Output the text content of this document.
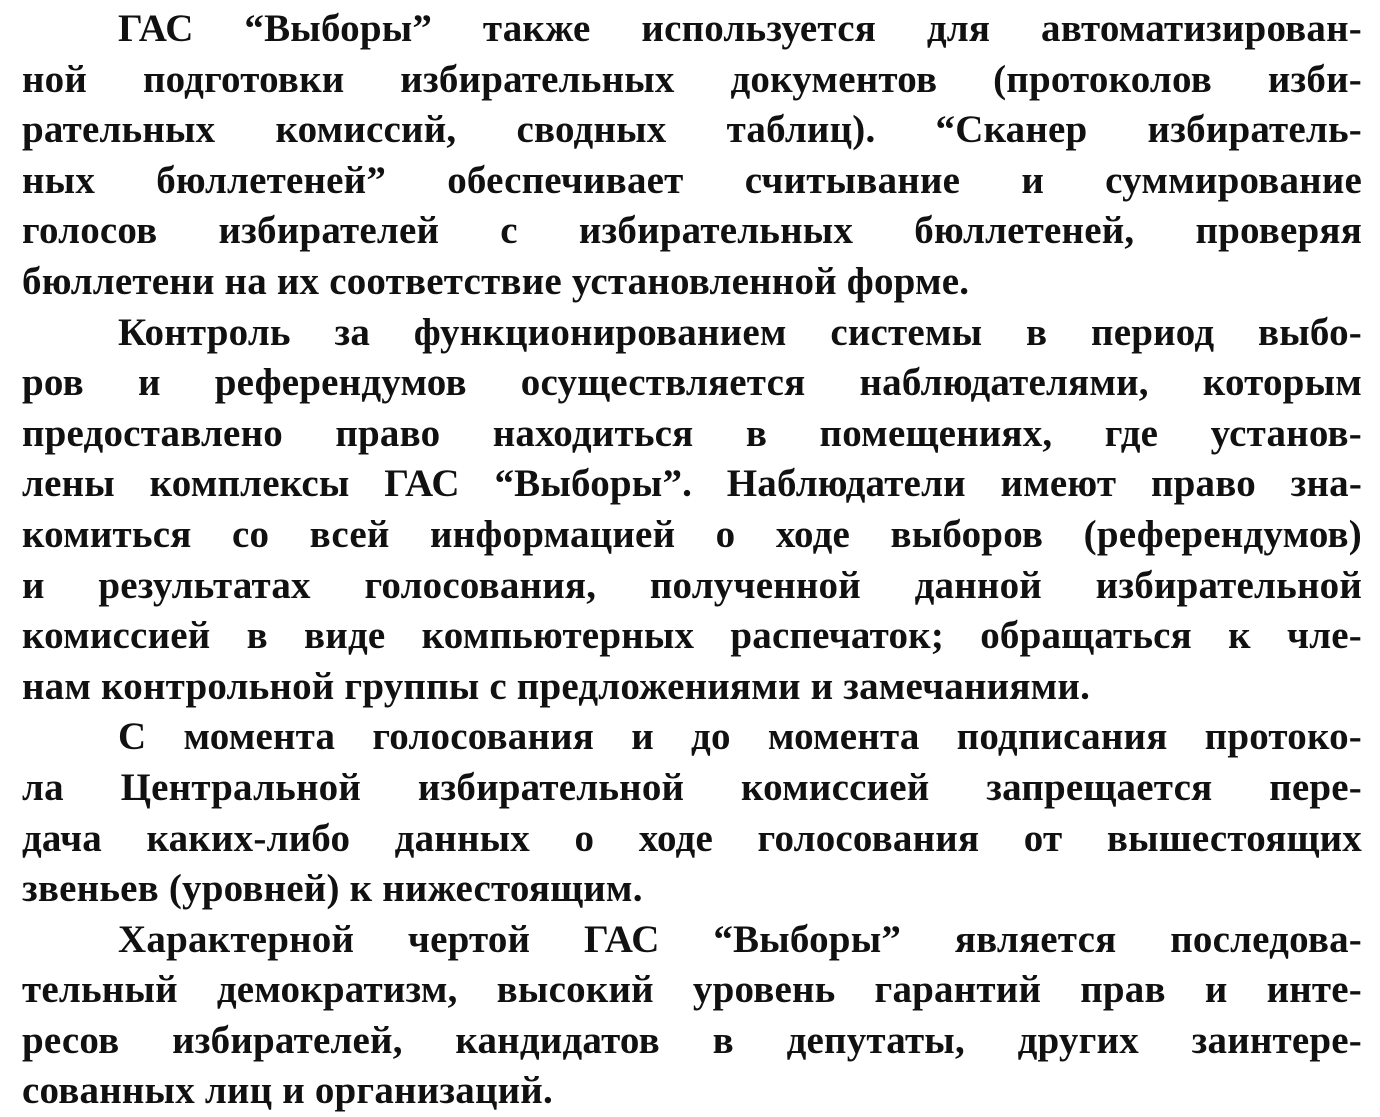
ГАС “Выборы” также используется для автоматизирован-
ной подготовки избирательных документов (протоколов изби-
рательных комиссий, сводных таблиц). “Сканер избиратель-
ных бюллетеней” обеспечивает считывание и суммирование
голосов избирателей с избирательных бюллетеней, проверяя
бюллетени на их соответствие установленной форме.
Контроль за функционированием системы в период выбо-
ров и референдумов осуществляется наблюдателями, которым
предоставлено право находиться в помещениях, где установ-
лены комплексы ГАС “Выборы”. Наблюдатели имеют право зна-
комиться со всей информацией о ходе выборов (референдумов)
и результатах голосования, полученной данной избирательной
комиссией в виде компьютерных распечаток; обращаться к чле-
нам контрольной группы с предложениями и замечаниями.
С момента голосования и до момента подписания протоко-
ла Центральной избирательной комиссией запрещается пере-
дача каких-либо данных о ходе голосования от вышестоящих
звеньев (уровней) к нижестоящим.
Характерной чертой ГАС “Выборы” является последова-
тельный демократизм, высокий уровень гарантий прав и инте-
ресов избирателей, кандидатов в депутаты, других заинтере-
сованных лиц и организаций.
